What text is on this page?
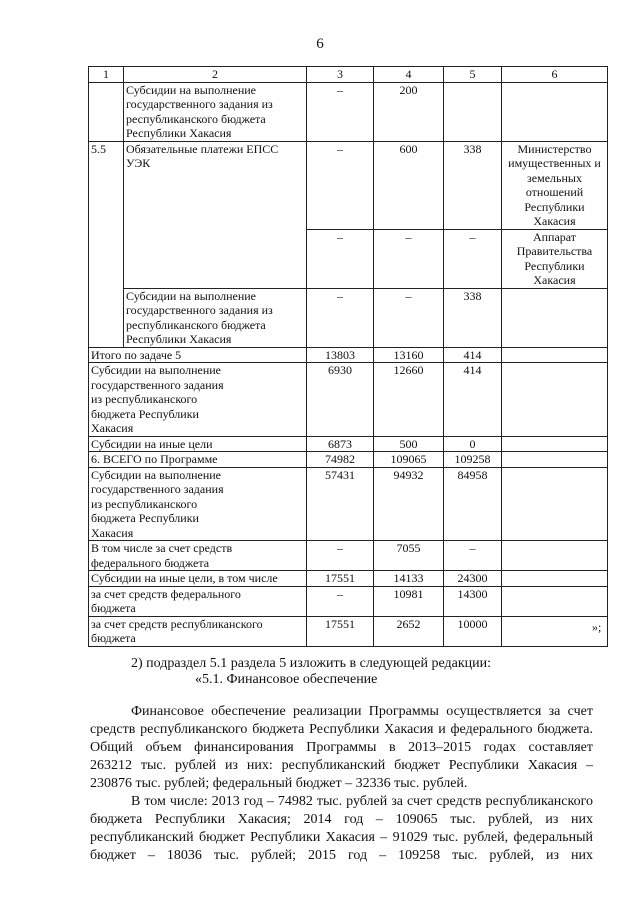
6
1	2	3	4	5	6
	Субсидии на выполнение государственного задания из республиканского бюджета Республики Хакасия	–	200		
5.5	Обязательные платежи ЕПСС УЭК	–	600	338	Министерство имущественных и земельных отношений Республики Хакасия
		–	–	–	Аппарат Правительства Республики Хакасия
	Субсидии на выполнение государственного задания из республиканского бюджета Республики Хакасия	–	–	338	
Итого по задаче 5		13803	13160	414	
Субсидии на выполнение государственного задания из республиканского бюджета Республики Хакасия		6930	12660	414	
Субсидии на иные цели		6873	500	0	
6. ВСЕГО по Программе		74982	109065	109258	
Субсидии на выполнение государственного задания из республиканского бюджета Республики Хакасия		57431	94932	84958	
В том числе за счет средств федерального бюджета		–	7055	–	
Субсидии на иные цели, в том числе		17551	14133	24300	
за счет средств федерального бюджета		–	10981	14300	
за счет средств республиканского бюджета		17551	2652	10000		»;
2) подраздел 5.1 раздела 5 изложить в следующей редакции:
«5.1. Финансовое обеспечение
Финансовое обеспечение реализации Программы осуществляется за счет
средств республиканского бюджета Республики Хакасия и федерального бюджета.
Общий объем финансирования Программы в 2013–2015 годах составляет
263212 тыс. рублей из них: республиканский бюджет Республики Хакасия –
230876 тыс. рублей; федеральный бюджет – 32336 тыс. рублей.
В том числе: 2013 год – 74982 тыс. рублей за счет средств республиканского
бюджета Республики Хакасия; 2014 год – 109065 тыс. рублей, из них
республиканский бюджет Республики Хакасия – 91029 тыс. рублей, федеральный
бюджет – 18036 тыс. рублей; 2015 год – 109258 тыс. рублей, из них
